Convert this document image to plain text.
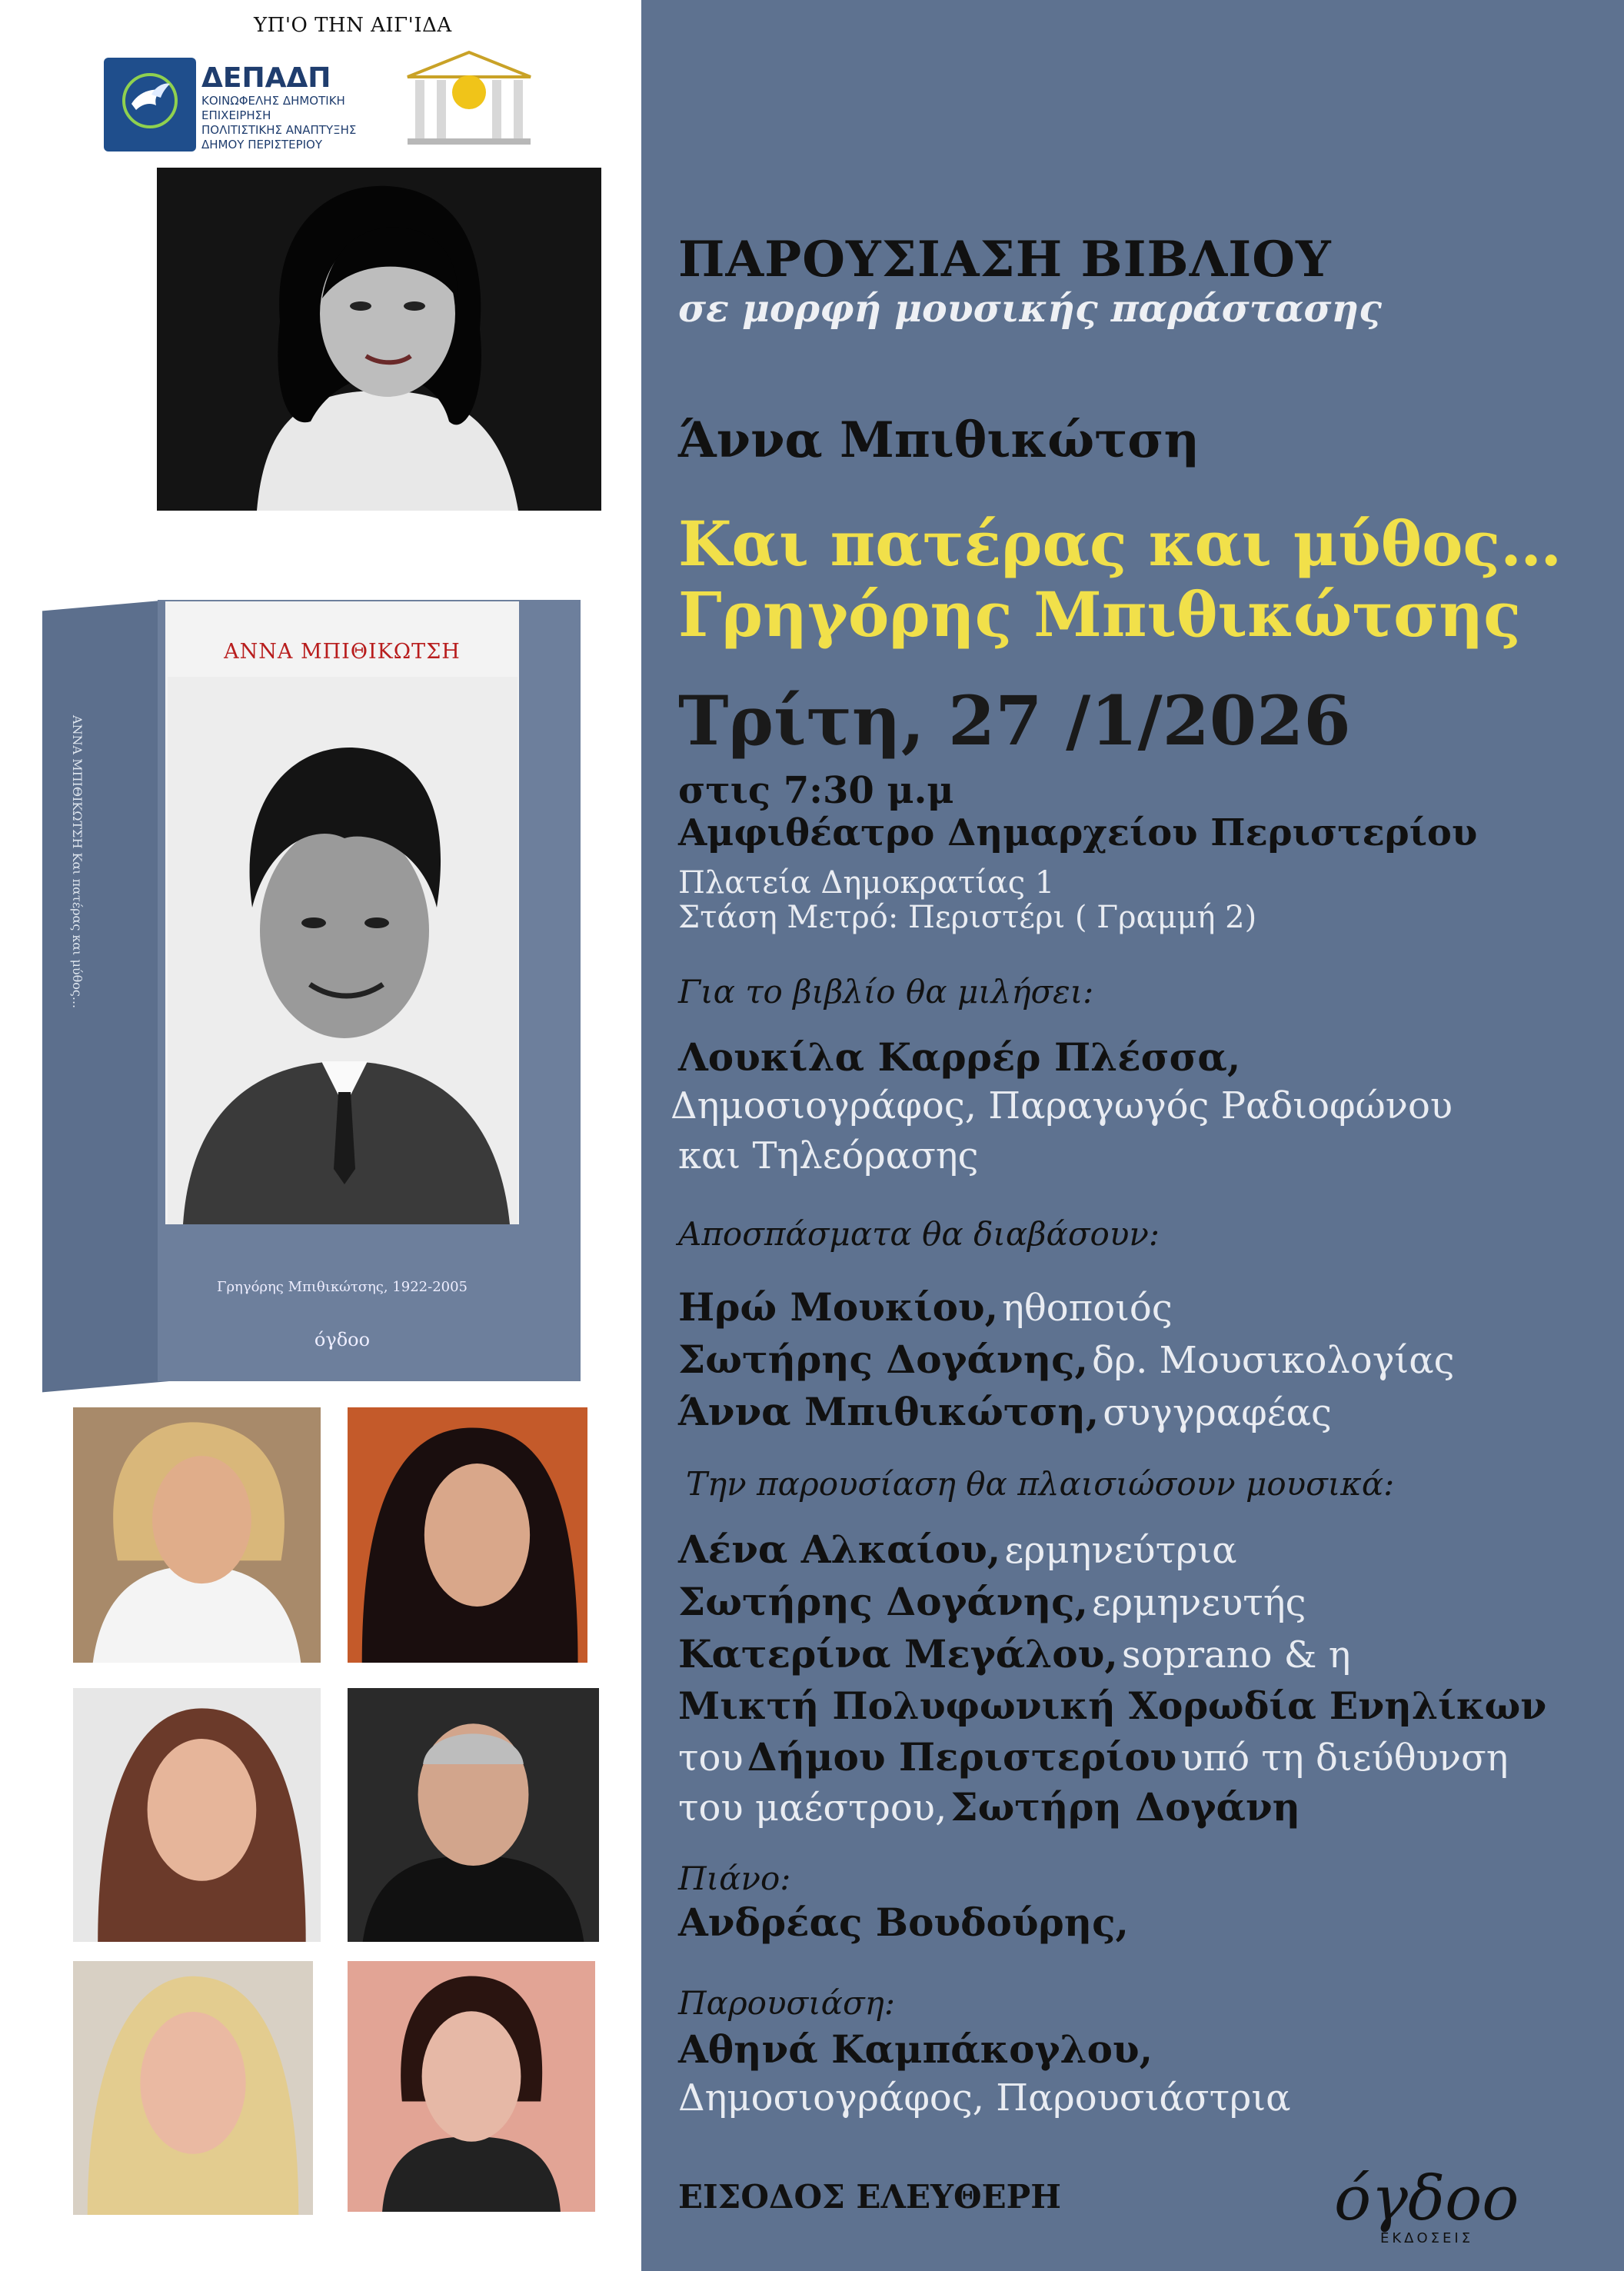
ΥΠ'Ο ΤΗΝ ΑΙΓ'ΙΔΑ
ΔΕΠΑΔΠ
ΚΟΙΝΩΦΕΛΗΣ ΔΗΜΟΤΙΚΗ ΕΠΙΧΕΙΡΗΣΗ
ΠΟΛΙΤΙΣΤΙΚΗΣ ΑΝΑΠΤΥΞΗΣ
ΔΗΜΟΥ ΠΕΡΙΣΤΕΡΙΟΥ
ΑΝΝΑ ΜΠΙΘΙΚΩΤΣΗ Και πατέρας και μύθος...
ΑΝΝΑ ΜΠΙΘΙΚΩΤΣΗ
Γρηγόρης Μπιθικώτσης, 1922-2005
όγδοο
ΠΑΡΟΥΣΙΑΣΗ ΒΙΒΛΙΟΥ
σε μορφή μουσικής παράστασης
Άννα Μπιθικώτση
Και πατέρας και μύθος…
Γρηγόρης Μπιθικώτσης
Τρίτη, 27 /1/2026
στις 7:30 μ.μ
Αμφιθέατρο Δημαρχείου Περιστερίου
Πλατεία Δημοκρατίας 1
Στάση Μετρό: Περιστέρι ( Γραμμή 2)
Για το βιβλίο θα μιλήσει:
Λουκίλα Καρρέρ Πλέσσα,
Δημοσιογράφος, Παραγωγός Ραδιοφώνου
και Τηλεόρασης
Αποσπάσματα θα διαβάσουν:
Ηρώ Μουκίου, ηθοποιός
Σωτήρης Δογάνης, δρ. Μουσικολογίας
Άννα Μπιθικώτση, συγγραφέας
Την παρουσίαση θα πλαισιώσουν μουσικά:
Λένα Αλκαίου, ερμηνεύτρια
Σωτήρης Δογάνης, ερμηνευτής
Κατερίνα Μεγάλου, soprano & η
Μικτή Πολυφωνική Χορωδία Ενηλίκων
του Δήμου Περιστερίου υπό τη διεύθυνση
του μαέστρου, Σωτήρη Δογάνη
Πιάνο:
Ανδρέας Βουδούρης,
Παρουσιάση:
Αθηνά Καμπάκογλου,
Δημοσιογράφος, Παρουσιάστρια
ΕΙΣΟΔΟΣ ΕΛΕΥΘΕΡΗ	όγδοο
ΕΚΔΟΣΕΙΣ
